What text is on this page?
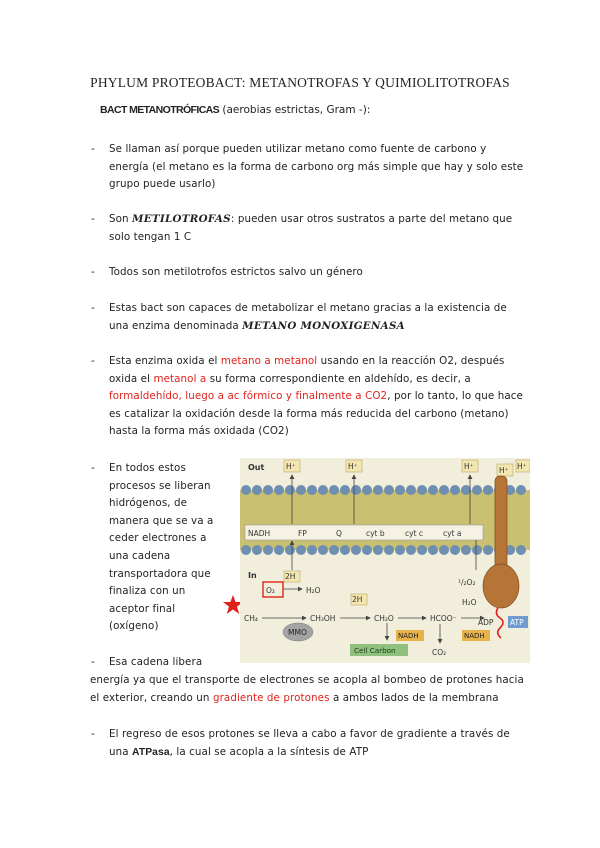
PHYLUM PROTEOBACT: METANOTROFAS Y QUIMIOLITOTROFAS
BACT METANOTRÓFICAS (aerobias estrictas, Gram -):
- Se llaman así porque pueden utilizar metano como fuente de carbono y energía (el metano es la forma de carbono org más simple que hay y solo este grupo puede usarlo)
- Son METILOTROFAS: pueden usar otros sustratos a parte del metano que solo tengan 1 C
- Todos son metilotrofos estrictos salvo un género
- Estas bact son capaces de metabolizar el metano gracias a la existencia de una enzima denominada METANO MONOXIGENASA
- Esta enzima oxida el metano a metanol usando en la reacción O2, después oxida el metanol a su forma correspondiente en aldehído, es decir, a formaldehído, luego a ac fórmico y finalmente a CO2, por lo tanto, lo que hace es catalizar la oxidación desde la forma más reducida del carbono (metano) hasta la forma más oxidada (CO2)
- En todos estos
procesos se liberan
hidrógenos, de
manera que se va a
ceder electrones a
una cadena
transportadora que
finaliza con un
aceptor final
(oxígeno)
- Esa cadena libera
energía ya que el transporte de electrones se acopla al bombeo de protones hacia el exterior, creando un gradiente de protones a ambos lados de la membrana
- El regreso de esos protones se lleva a cabo a favor de gradiente a través de una ATPasa, la cual se acopla a la síntesis de ATP
NADH	FP	Q	cyt b	cyt c	cyt a
Out
In
H⁺	H⁺	H⁺	H⁺ H⁺
ADP ATP
¹/₂O₂
H₂O
2H
2H
O₂	H₂O
CH₄	CH₃OH	CH₂O	HCOO⁻
MMO	NADH	NADH
Cell Carbon	CO₂
